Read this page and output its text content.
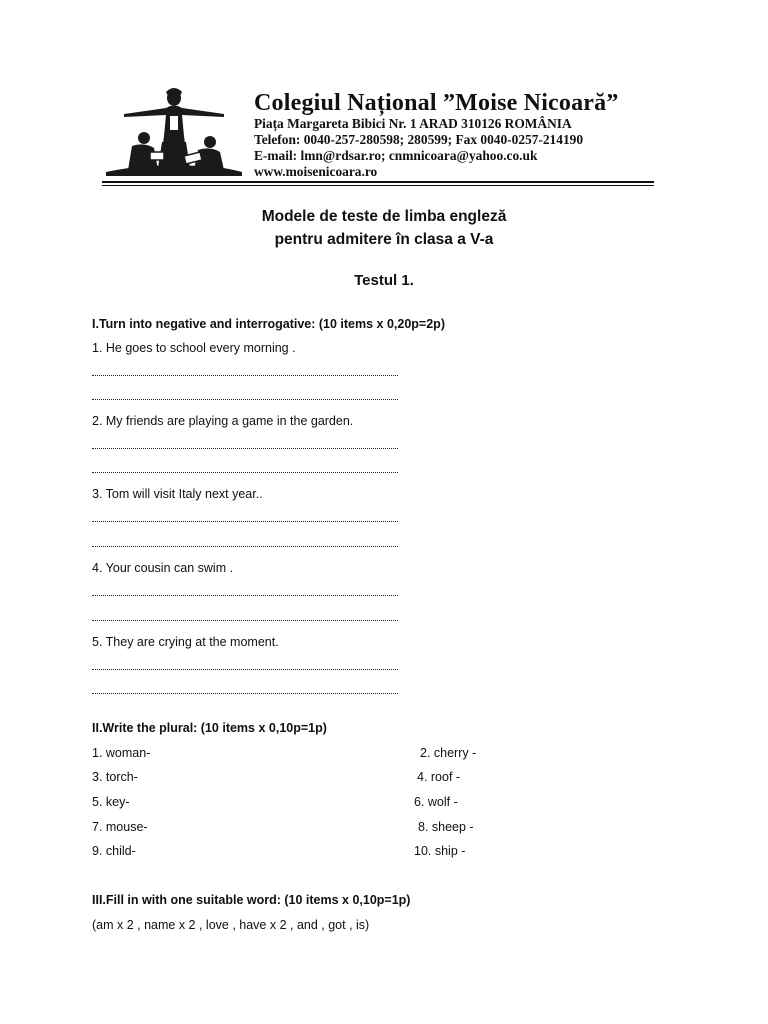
Colegiul Național ”Moise Nicoară”
Piața Margareta Bibici Nr. 1 ARAD 310126 ROMÂNIA
Telefon: 0040-257-280598; 280599; Fax 0040-0257-214190
E-mail: lmn@rdsar.ro; cnmnicoara@yahoo.co.uk
www.moisenicoara.ro
Modele de teste de limba engleză
pentru admitere în clasa a V-a
Testul 1.
I.Turn into negative and interrogative: (10 items x 0,20p=2p)
1. He goes to school every morning .
2. My friends are playing a game in the garden.
3. Tom will visit Italy next year..
4. Your cousin can swim .
5. They are crying at the moment.
II.Write the plural: (10 items x 0,10p=1p)
1. woman-
3. torch-
5. key-
7. mouse-
9. child-
2. cherry -
4. roof -
6. wolf -
8. sheep -
10. ship -
III.Fill in with one suitable word: (10 items x 0,10p=1p)
(am x 2 , name x 2 , love , have x 2 , and , got , is)
